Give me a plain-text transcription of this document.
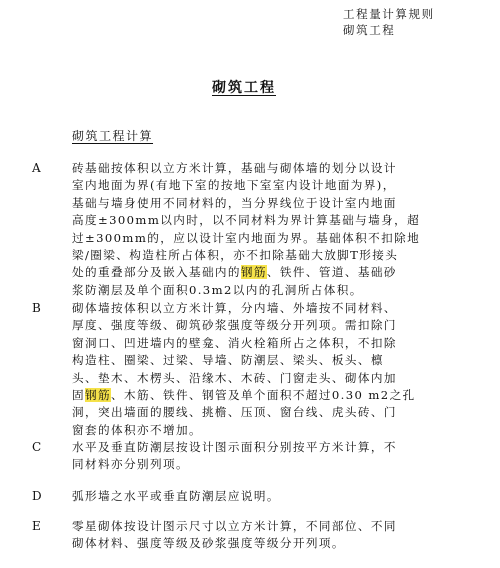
工程量计算规则
砌筑工程
砌筑工程
砌筑工程计算
A	砖基础按体积以立方米计算，基础与砌体墙的划分以设计
室内地面为界(有地下室的按地下室室内设计地面为界)，
基础与墙身使用不同材料的，当分界线位于设计室内地面
高度±300mm以内时，以不同材料为界计算基础与墙身，超
过±300mm的，应以设计室内地面为界。基础体积不扣除地
梁/圈梁、构造柱所占体积，亦不扣除基础大放脚T形接头
处的重叠部分及嵌入基础内的钢筋、铁件、管道、基础砂
浆防潮层及单个面积0.3m2以内的孔洞所占体积。
B	砌体墙按体积以立方米计算，分内墙、外墙按不同材料、
厚度、强度等级、砌筑砂浆强度等级分开列项。需扣除门
窗洞口、凹进墙内的壁龛、消火栓箱所占之体积，不扣除
构造柱、圈梁、过梁、导墙、防潮层、梁头、板头、檩
头、垫木、木楞头、沿缘木、木砖、门窗走头、砌体内加
固钢筋、木筋、铁件、钢管及单个面积不超过0.30 m2之孔
洞，突出墙面的腰线、挑檐、压顶、窗台线、虎头砖、门
窗套的体积亦不增加。
C	水平及垂直防潮层按设计图示面积分别按平方米计算，不
同材料亦分别列项。
D	弧形墙之水平或垂直防潮层应说明。
E	零星砌体按设计图示尺寸以立方米计算，不同部位、不同
砌体材料、强度等级及砂浆强度等级分开列项。
